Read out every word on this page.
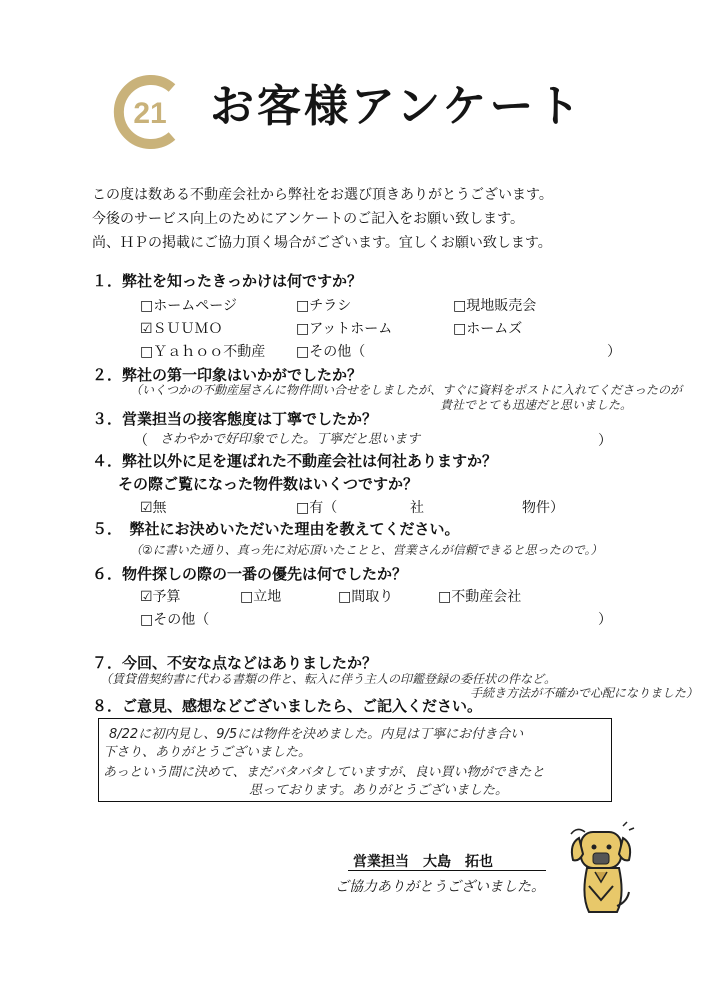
21 お客様アンケート
この度は数ある不動産会社から弊社をお選び頂きありがとうございます。
今後のサービス向上のためにアンケートのご記入をお願い致します。
尚、ＨＰの掲載にご協力頂く場合がございます。宜しくお願い致します。
１．弊社を知ったきっかけは何ですか？
□ホームページ	□チラシ	□現地販売会
☑ＳＵＵＭＯ	□アットホーム	□ホームズ
□Ｙａｈｏｏ不動産 □その他（	）
２．弊社の第一印象はいかがでしたか？
（いくつかの不動産屋さんに物件問い合せをしましたが、すぐに資料をポストに入れてくださったのが
貴社でとても迅速だと思いました。
３．営業担当の接客態度は丁寧でしたか？
（ さわやかで好印象でした。丁寧だと思います	）
４．弊社以外に足を運ばれた不動産会社は何社ありますか？
その際ご覧になった物件数はいくつですか？
☑無	□有（	社	物件）
５．　弊社にお決めいただいた理由を教えてください。
（②に書いた通り、真っ先に対応頂いたことと、営業さんが信頼できると思ったので。）
６．物件探しの際の一番の優先は何でしたか？
☑予算	□立地	□間取り	□不動産会社
□その他（	）
７．今回、不安な点などはありましたか？
（賃貸借契約書に代わる書類の件と、転入に伴う主人の印鑑登録の委任状の件など。
手続き方法が不確かで心配になりました）
８．ご意見、感想などございましたら、ご記入ください。
8/22に初内見し、9/5には物件を決めました。内見は丁寧にお付き合い
下さり、ありがとうございました。
あっという間に決めて、まだバタバタしていますが、良い買い物ができたと
思っております。ありがとうございました。
営業担当　大島　拓也
ご協力ありがとうございました。
